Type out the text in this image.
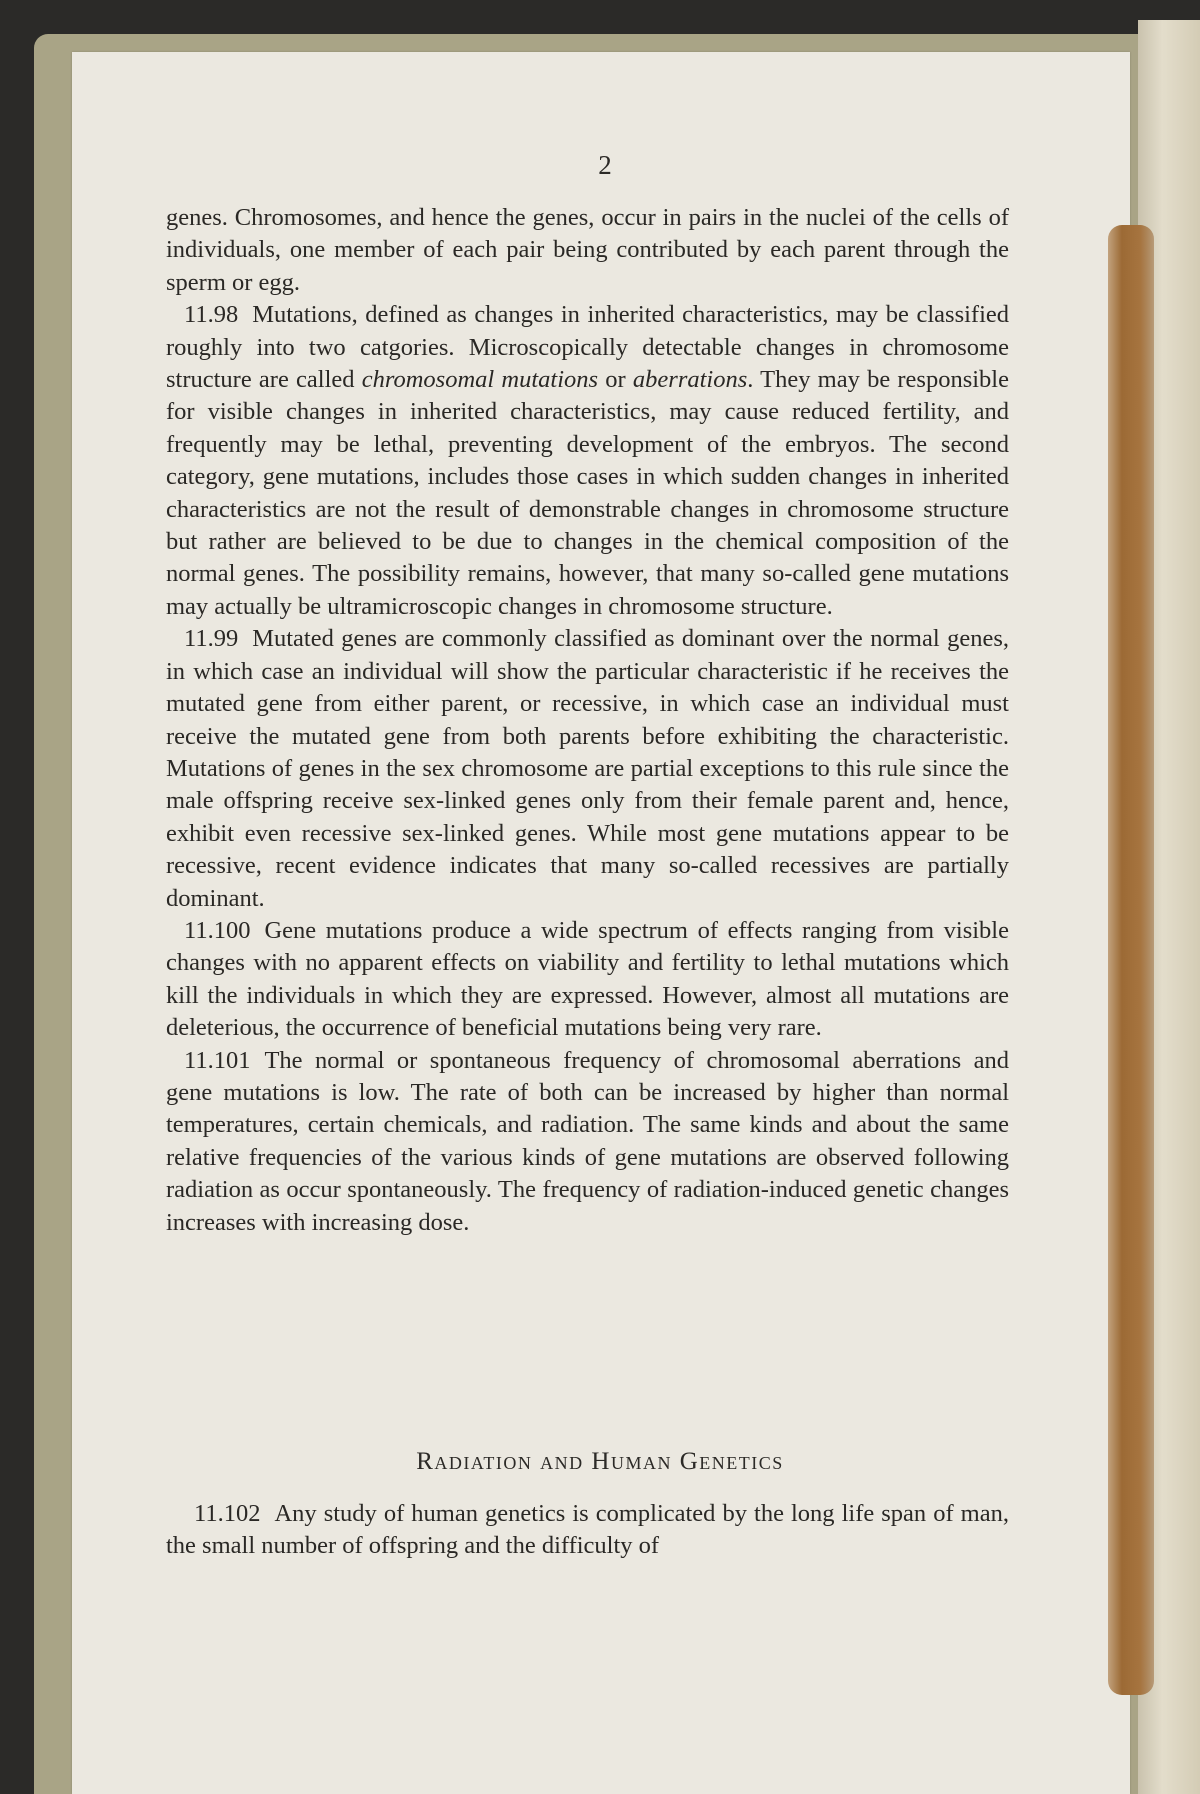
2

genes. Chromosomes, and hence the genes, occur in pairs in the nuclei of the cells of individuals, one member of each pair being contributed by each parent through the sperm or egg.

11.98 Mutations, defined as changes in inherited characteristics, may be classified roughly into two catgories. Microscopically detectable changes in chromosome structure are called chromosomal mutations or aberrations. They may be responsible for visible changes in inherited characteristics, may cause reduced fertility, and frequently may be lethal, preventing development of the embryos. The second category, gene mutations, includes those cases in which sudden changes in inherited characteristics are not the result of demonstrable changes in chromosome structure but rather are believed to be due to changes in the chemical composition of the normal genes. The possibility remains, however, that many so-called gene mutations may actually be ultramicroscopic changes in chromosome structure.

11.99 Mutated genes are commonly classified as dominant over the normal genes, in which case an individual will show the particular characteristic if he receives the mutated gene from either parent, or recessive, in which case an individual must receive the mutated gene from both parents before exhibiting the characteristic. Mutations of genes in the sex chromosome are partial exceptions to this rule since the male offspring receive sex-linked genes only from their female parent and, hence, exhibit even recessive sex-linked genes. While most gene mutations appear to be recessive, recent evidence indicates that many so-called recessives are partially dominant.

11.100 Gene mutations produce a wide spectrum of effects ranging from visible changes with no apparent effects on viability and fertility to lethal mutations which kill the individuals in which they are expressed. However, almost all mutations are deleterious, the occurrence of beneficial mutations being very rare.

11.101 The normal or spontaneous frequency of chromosomal aberrations and gene mutations is low. The rate of both can be increased by higher than normal temperatures, certain chemicals, and radiation. The same kinds and about the same relative frequencies of the various kinds of gene mutations are observed following radiation as occur spontaneously. The frequency of radiation-induced genetic changes increases with increasing dose.

Radiation and Human Genetics

11.102 Any study of human genetics is complicated by the long life span of man, the small number of offspring and the difficulty of
